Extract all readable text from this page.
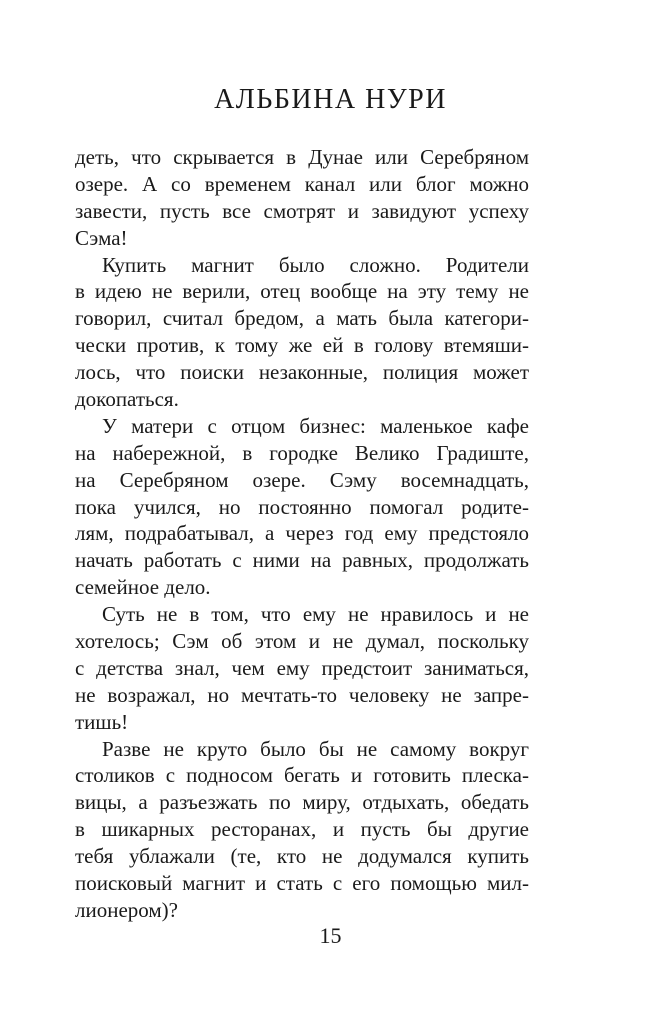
АЛЬБИНА НУРИ
деть, что скрывается в Дунае или Серебряном
озере. А со временем канал или блог можно
завести, пусть все смотрят и завидуют успеху
Сэма!
Купить магнит было сложно. Родители
в идею не верили, отец вообще на эту тему не
говорил, считал бредом, а мать была категори-
чески против, к тому же ей в голову втемяши-
лось, что поиски незаконные, полиция может
докопаться.
У матери с отцом бизнес: маленькое кафе
на набережной, в городке Велико Градиште,
на Серебряном озере. Сэму восемнадцать,
пока учился, но постоянно помогал родите-
лям, подрабатывал, а через год ему предстояло
начать работать с ними на равных, продолжать
семейное дело.
Суть не в том, что ему не нравилось и не
хотелось; Сэм об этом и не думал, поскольку
с детства знал, чем ему предстоит заниматься,
не возражал, но мечтать-то человеку не запре-
тишь!
Разве не круто было бы не самому вокруг
столиков с подносом бегать и готовить плеска-
вицы, а разъезжать по миру, отдыхать, обедать
в шикарных ресторанах, и пусть бы другие
тебя ублажали (те, кто не додумался купить
поисковый магнит и стать с его помощью мил-
лионером)?
15
